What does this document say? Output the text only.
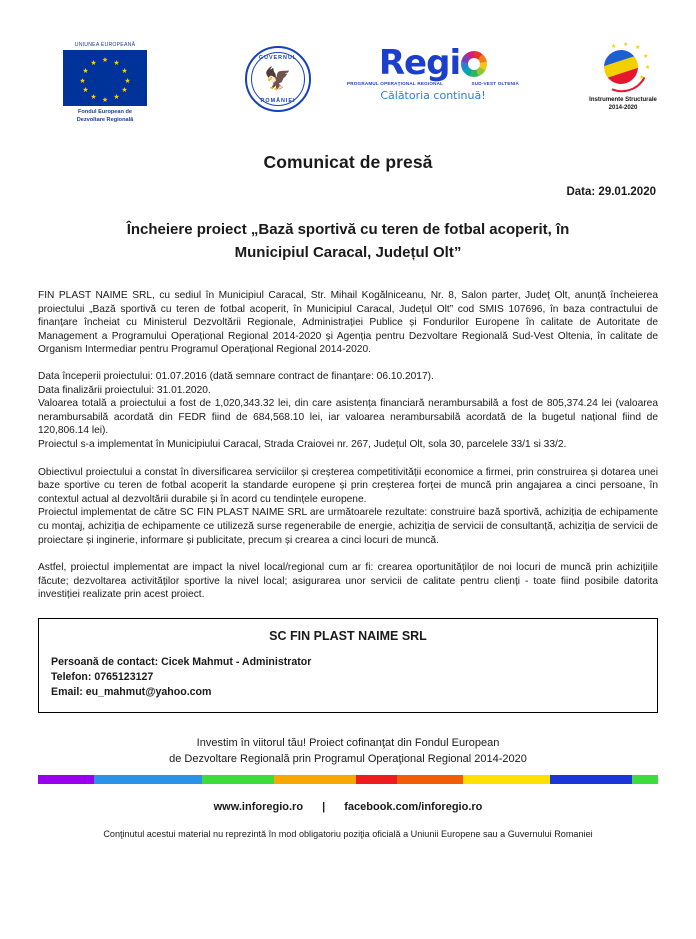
UNIUNEA EUROPEANĂ
★ ★
★
★
★
★
★
★
★
★
★
★
Fondul European de
Dezvoltare Regională
GUVERNUL
🦅
ROMÂNIEI
Regi
PROGRAMUL OPERAŢIONAL REGIONAL	SUD-VEST OLTENIA
Călătoria continuă!
★ ★
★
★
★
★
Instrumente Structurale
2014-2020
Comunicat de presă
Data: 29.01.2020
Încheiere proiect „Bază sportivă cu teren de fotbal acoperit, în
Municipiul Caracal, Județul Olt”

FIN PLAST NAIME SRL, cu sediul în Municipiul Caracal, Str. Mihail Kogălniceanu, Nr. 8, Salon parter, Județ Olt, anunță încheierea proiectului „Bază sportivă cu teren de fotbal acoperit, în Municipiul Caracal, Județul Olt” cod SMIS 107696, în baza contractului de finanțare încheiat cu Ministerul Dezvoltării Regionale, Administrației Publice și Fondurilor Europene în calitate de Autoritate de Management a Programului Operațional Regional 2014-2020 și Agenția pentru Dezvoltare Regională Sud-Vest Oltenia, în calitate de Organism Intermediar pentru Programul Operațional Regional 2014-2020.

Data începerii proiectului: 01.07.2016 (dată semnare contract de finanțare: 06.10.2017).

Data finalizării proiectului: 31.01.2020.

Valoarea totală a proiectului a fost de 1,020,343.32 lei, din care asistența financiară nerambursabilă a fost de 805,374.24 lei (valoarea nerambursabilă acordată din FEDR fiind de 684,568.10 lei, iar valoarea nerambursabilă acordată de la bugetul național fiind de 120,806.14 lei).

Proiectul s-a implementat în Municipiului Caracal, Strada Craiovei nr. 267, Județul Olt, sola 30, parcelele 33/1 si 33/2.

Obiectivul proiectului a constat în diversificarea serviciilor și creșterea competitivității economice a firmei, prin construirea și dotarea unei baze sportive cu teren de fotbal acoperit la standarde europene și prin creșterea forței de muncă prin angajarea a cinci persoane, în contextul actual al dezvoltării durabile și în acord cu tendințele europene.

Proiectul implementat de către SC FIN PLAST NAIME SRL are următoarele rezultate: construire bază sportivă, achiziția de echipamente cu montaj, achiziția de echipamente ce utilizeză surse regenerabile de energie, achiziția de servicii de consultanță, achiziția de servicii de proiectare și inginerie, informare și publicitate, precum și crearea a cinci locuri de muncă.

Astfel, proiectul implementat are impact la nivel local/regional cum ar fi: crearea oportunităților de noi locuri de muncă prin achizițiile făcute; dezvoltarea activităților sportive la nivel local; asigurarea unor servicii de calitate pentru clienți - toate fiind posibile datorita investiției realizate prin acest proiect.

SC FIN PLAST NAIME SRL
Persoană de contact: Cicek Mahmut - Administrator
Telefon: 0765123127
Email: eu_mahmut@yahoo.com
Investim în viitorul tău! Proiect cofinanţat din Fondul European
de Dezvoltare Regională prin Programul Operaţional Regional 2014-2020
www.inforegio.ro | facebook.com/inforegio.ro
Conţinutul acestui material nu reprezintă în mod obligatoriu poziţia oficială a Uniunii Europene sau a Guvernului Romaniei
